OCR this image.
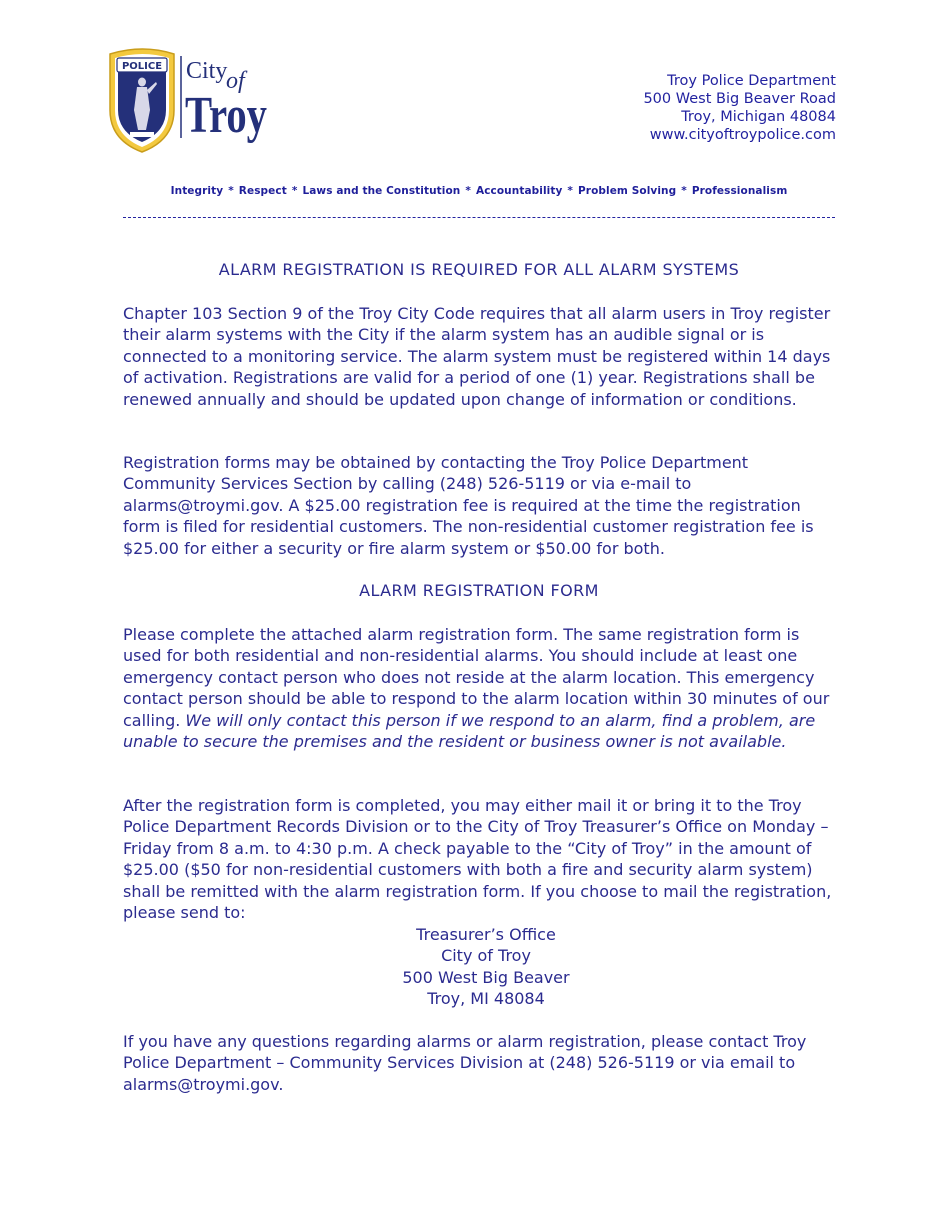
POLICE City
of
Troy
Troy Police Department
500 West Big Beaver Road
Troy, Michigan 48084
www.cityoftroypolice.com
Integrity * Respect * Laws and the Constitution * Accountability * Problem Solving * Professionalism
ALARM REGISTRATION IS REQUIRED FOR ALL ALARM SYSTEMS

Chapter 103 Section 9 of the Troy City Code requires that all alarm users in Troy register their alarm systems with the City if the alarm system has an audible signal or is connected to a monitoring service. The alarm system must be registered within 14 days of activation. Registrations are valid for a period of one (1) year. Registrations shall be renewed annually and should be updated upon change of information or conditions.

Registration forms may be obtained by contacting the Troy Police Department Community Services Section by calling (248) 526-5119 or via e-mail to alarms@troymi.gov. A $25.00 registration fee is required at the time the registration form is filed for residential customers. The non-residential customer registration fee is $25.00 for either a security or fire alarm system or $50.00 for both.

ALARM REGISTRATION FORM

Please complete the attached alarm registration form. The same registration form is used for both residential and non-residential alarms. You should include at least one emergency contact person who does not reside at the alarm location. This emergency contact person should be able to respond to the alarm location within 30 minutes of our calling. We will only contact this person if we respond to an alarm, find a problem, are unable to secure the premises and the resident or business owner is not available.

After the registration form is completed, you may either mail it or bring it to the Troy Police Department Records Division or to the City of Troy Treasurer’s Office on Monday – Friday from 8 a.m. to 4:30 p.m. A check payable to the “City of Troy” in the amount of $25.00 ($50 for non-residential customers with both a fire and security alarm system) shall be remitted with the alarm registration form. If you choose to mail the registration, please send to:

Treasurer’s Office
City of Troy
500 West Big Beaver
Troy, MI 48084

If you have any questions regarding alarms or alarm registration, please contact Troy Police Department – Community Services Division at (248) 526-5119 or via email to alarms@troymi.gov.
